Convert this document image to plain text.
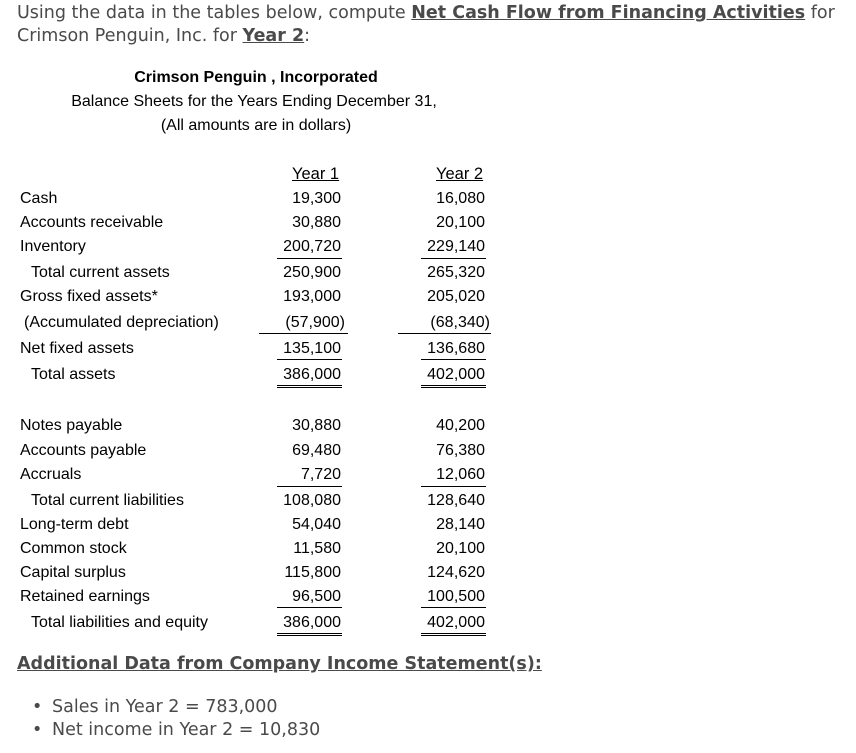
Using the data in the tables below, compute Net Cash Flow from Financing Activities for Crimson Penguin, Inc. for Year 2:
Crimson Penguin , Incorporated
Balance Sheets for the Years Ending December 31,
(All amounts are in dollars)
Year 1	Year 2
Cash	19,300	16,080
Accounts receivable	30,880	20,100
Inventory	200,720	229,140
Total current assets	250,900	265,320
Gross fixed assets*	193,000	205,020
(Accumulated depreciation)	(57,900)	(68,340)
Net fixed assets	135,100	136,680
Total assets	386,000	402,000
Notes payable	30,880	40,200
Accounts payable	69,480	76,380
Accruals	7,720	12,060
Total current liabilities	108,080	128,640
Long-term debt	54,040	28,140
Common stock	11,580	20,100
Capital surplus	115,800	124,620
Retained earnings	96,500	100,500
Total liabilities and equity	386,000	402,000
Additional Data from Company Income Statement(s):
• Sales in Year 2 = 783,000
• Net income in Year 2 = 10,830
